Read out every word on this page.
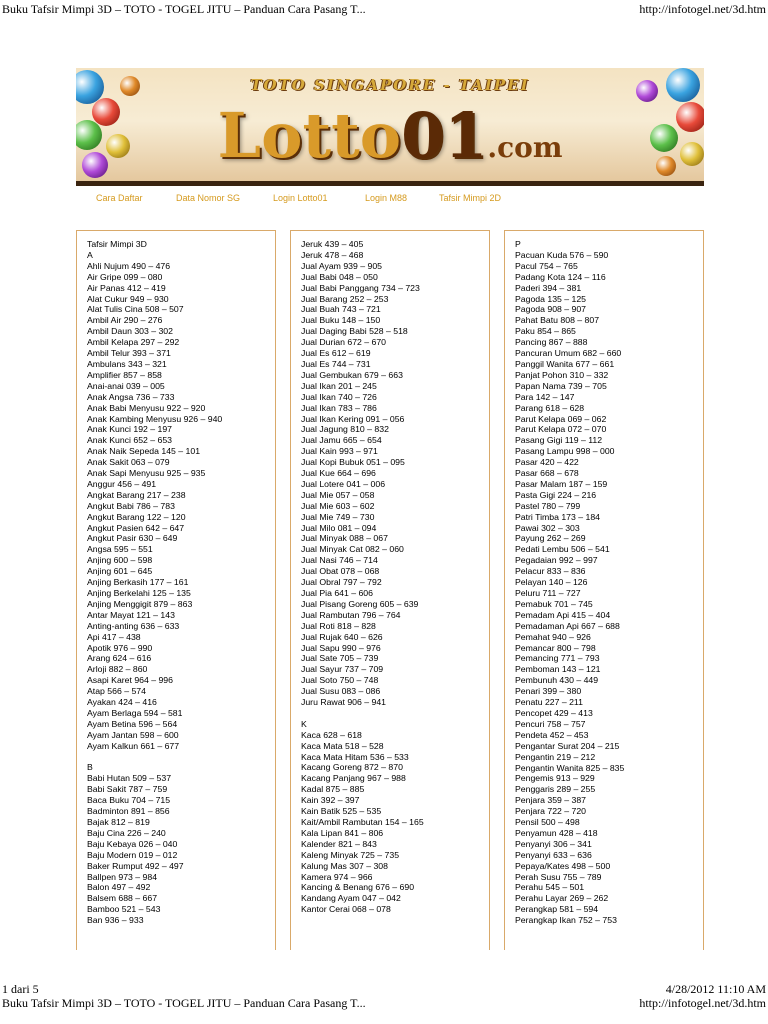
Buku Tafsir Mimpi 3D – TOTO - TOGEL JITU – Panduan Cara Pasang T...	http://infotogel.net/3d.htm
TOTO SINGAPORE - TAIPEI
Lotto01.com
Cara Daftar	Data Nomor SG	Login Lotto01	Login M88	Tafsir Mimpi 2D
Tafsir Mimpi 3D
A
Ahli Nujum 490 – 476
Air Gripe 099 – 080
Air Panas 412 – 419
Alat Cukur 949 – 930
Alat Tulis Cina 508 – 507
Ambil Air 290 – 276
Ambil Daun 303 – 302
Ambil Kelapa 297 – 292
Ambil Telur 393 – 371
Ambulans 343 – 321
Amplifier 857 – 858
Anai-anai 039 – 005
Anak Angsa 736 – 733
Anak Babi Menyusu 922 – 920
Anak Kambing Menyusu 926 – 940
Anak Kunci 192 – 197
Anak Kunci 652 – 653
Anak Naik Sepeda 145 – 101
Anak Sakit 063 – 079
Anak Sapi Menyusu 925 – 935
Anggur 456 – 491
Angkat Barang 217 – 238
Angkut Babi 786 – 783
Angkut Barang 122 – 120
Angkut Pasien 642 – 647
Angkut Pasir 630 – 649
Angsa 595 – 551
Anjing 600 – 598
Anjing 601 – 645
Anjing Berkasih 177 – 161
Anjing Berkelahi 125 – 135
Anjing Menggigit 879 – 863
Antar Mayat 121 – 143
Anting-anting 636 – 633
Api 417 – 438
Apotik 976 – 990
Arang 624 – 616
Arloji 882 – 860
Asapi Karet 964 – 996
Atap 566 – 574
Ayakan 424 – 416
Ayam Berlaga 594 – 581
Ayam Betina 596 – 564
Ayam Jantan 598 – 600
Ayam Kalkun 661 – 677
B
Babi Hutan 509 – 537
Babi Sakit 787 – 759
Baca Buku 704 – 715
Badminton 891 – 856
Bajak 812 – 819
Baju Cina 226 – 240
Baju Kebaya 026 – 040
Baju Modern 019 – 012
Baker Rumput 492 – 497
Ballpen 973 – 984
Balon 497 – 492
Balsem 688 – 667
Bamboo 521 – 543
Ban 936 – 933
Jeruk 439 – 405
Jeruk 478 – 468
Jual Ayam 939 – 905
Jual Babi 048 – 050
Jual Babi Panggang 734 – 723
Jual Barang 252 – 253
Jual Buah 743 – 721
Jual Buku 148 – 150
Jual Daging Babi 528 – 518
Jual Durian 672 – 670
Jual Es 612 – 619
Jual Es 744 – 731
Jual Gembukan 679 – 663
Jual Ikan 201 – 245
Jual Ikan 740 – 726
Jual Ikan 783 – 786
Jual Ikan Kering 091 – 056
Jual Jagung 810 – 832
Jual Jamu 665 – 654
Jual Kain 993 – 971
Jual Kopi Bubuk 051 – 095
Jual Kue 664 – 696
Jual Lotere 041 – 006
Jual Mie 057 – 058
Jual Mie 603 – 602
Jual Mie 749 – 730
Jual Milo 081 – 094
Jual Minyak 088 – 067
Jual Minyak Cat 082 – 060
Jual Nasi 746 – 714
Jual Obat 078 – 068
Jual Obral 797 – 792
Jual Pia 641 – 606
Jual Pisang Goreng 605 – 639
Jual Rambutan 796 – 764
Jual Roti 818 – 828
Jual Rujak 640 – 626
Jual Sapu 990 – 976
Jual Sate 705 – 739
Jual Sayur 737 – 709
Jual Soto 750 – 748
Jual Susu 083 – 086
Juru Rawat 906 – 941
K
Kaca 628 – 618
Kaca Mata 518 – 528
Kaca Mata Hitam 536 – 533
Kacang Goreng 872 – 870
Kacang Panjang 967 – 988
Kadal 875 – 885
Kain 392 – 397
Kain Batik 525 – 535
Kait/Ambil Rambutan 154 – 165
Kala Lipan 841 – 806
Kalender 821 – 843
Kaleng Minyak 725 – 735
Kalung Mas 307 – 308
Kamera 974 – 966
Kancing & Benang 676 – 690
Kandang Ayam 047 – 042
Kantor Cerai 068 – 078
P
Pacuan Kuda 576 – 590
Pacul 754 – 765
Padang Kota 124 – 116
Paderi 394 – 381
Pagoda 135 – 125
Pagoda 908 – 907
Pahat Batu 808 – 807
Paku 854 – 865
Pancing 867 – 888
Pancuran Umum 682 – 660
Panggil Wanita 677 – 661
Panjat Pohon 310 – 332
Papan Nama 739 – 705
Para 142 – 147
Parang 618 – 628
Parut Kelapa 069 – 062
Parut Kelapa 072 – 070
Pasang Gigi 119 – 112
Pasang Lampu 998 – 000
Pasar 420 – 422
Pasar 668 – 678
Pasar Malam 187 – 159
Pasta Gigi 224 – 216
Pastel 780 – 799
Patri Timba 173 – 184
Pawai 302 – 303
Payung 262 – 269
Pedati Lembu 506 – 541
Pegadaian 992 – 997
Pelacur 833 – 836
Pelayan 140 – 126
Peluru 711 – 727
Pemabuk 701 – 745
Pemadam Api 415 – 404
Pemadaman Api 667 – 688
Pemahat 940 – 926
Pemancar 800 – 798
Pemancing 771 – 793
Pemboman 143 – 121
Pembunuh 430 – 449
Penari 399 – 380
Penatu 227 – 211
Pencopet 429 – 413
Pencuri 758 – 757
Pendeta 452 – 453
Pengantar Surat 204 – 215
Pengantin 219 – 212
Pengantin Wanita 825 – 835
Pengemis 913 – 929
Penggaris 289 – 255
Penjara 359 – 387
Penjara 722 – 720
Pensil 500 – 498
Penyamun 428 – 418
Penyanyi 306 – 341
Penyanyi 633 – 636
Pepaya/Kates 498 – 500
Perah Susu 755 – 789
Perahu 545 – 501
Perahu Layar 269 – 262
Perangkap 581 – 594
Perangkap Ikan 752 – 753
1 dari 5	4/28/2012 11:10 AM
Buku Tafsir Mimpi 3D – TOTO - TOGEL JITU – Panduan Cara Pasang T...	http://infotogel.net/3d.htm
